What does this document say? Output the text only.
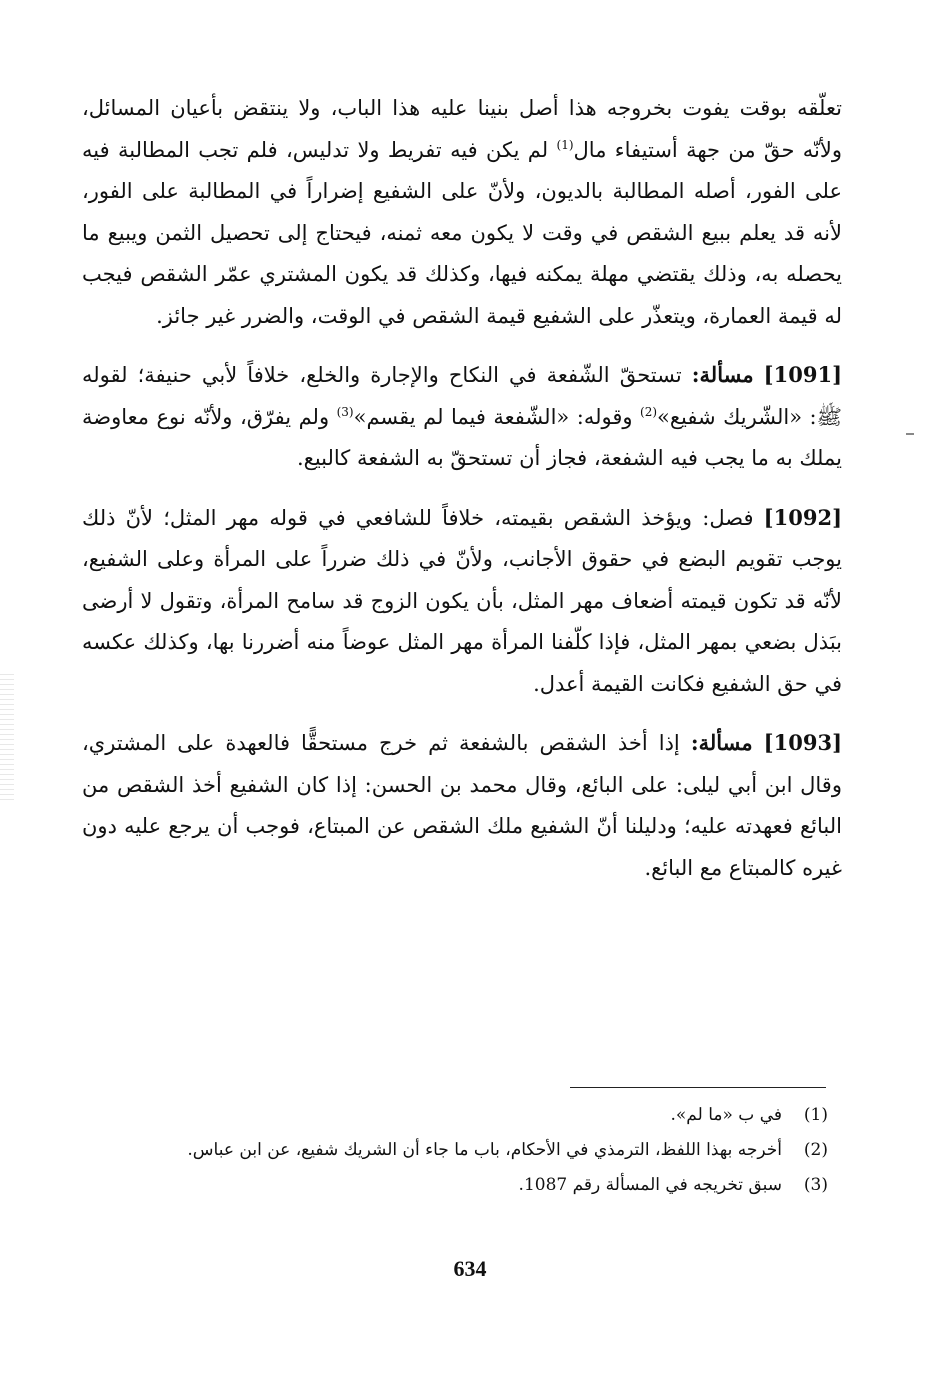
تعلّقه بوقت يفوت بخروجه هذا أصل بنينا عليه هذا الباب، ولا ينتقض بأعيان المسائل، ولأنّه حقّ من جهة أستيفاء مال$^{(1)}$ لم يكن فيه تفريط ولا تدليس، فلم تجب المطالبة فيه على الفور، أصله المطالبة بالديون، ولأنّ على الشفيع إضراراً في المطالبة على الفور، لأنه قد يعلم ببيع الشقص في وقت لا يكون معه ثمنه، فيحتاج إلى تحصيل الثمن ويبيع ما يحصله به، وذلك يقتضي مهلة يمكنه فيها، وكذلك قد يكون المشتري عمّر الشقص فيجب له قيمة العمارة، ويتعذّر على الشفيع قيمة الشقص في الوقت، والضرر غير جائز.

[1091] مسألة: تستحقّ الشّفعة في النكاح والإجارة والخلع، خلافاً لأبي حنيفة؛ لقوله ﷺ: «الشّريك شفيع»$^{(2)}$ وقوله: «الشّفعة فيما لم يقسم»$^{(3)}$ ولم يفرّق، ولأنّه نوع معاوضة يملك به ما يجب فيه الشفعة، فجاز أن تستحقّ به الشفعة كالبيع.

[1092] فصل: ويؤخذ الشقص بقيمته، خلافاً للشافعي في قوله مهر المثل؛ لأنّ ذلك يوجب تقويم البضع في حقوق الأجانب، ولأنّ في ذلك ضرراً على المرأة وعلى الشفيع، لأنّه قد تكون قيمته أضعاف مهر المثل، بأن يكون الزوج قد سامح المرأة، وتقول لا أرضى ببَذل بضعي بمهر المثل، فإذا كلّفنا المرأة مهر المثل عوضاً منه أضررنا بها، وكذلك عكسه في حق الشفيع فكانت القيمة أعدل.

[1093] مسألة: إذا أخذ الشقص بالشفعة ثم خرج مستحقًّا فالعهدة على المشتري، وقال ابن أبي ليلى: على البائع، وقال محمد بن الحسن: إذا كان الشفيع أخذ الشقص من البائع فعهدته عليه؛ ودليلنا أنّ الشفيع ملك الشقص عن المبتاع، فوجب أن يرجع عليه دون غيره كالمبتاع مع البائع.

(1)
في ب «ما لم».
(2)
أخرجه بهذا اللفظ، الترمذي في الأحكام، باب ما جاء أن الشريك شفيع، عن ابن عباس.
(3)
سبق تخريجه في المسألة رقم 1087.
634
